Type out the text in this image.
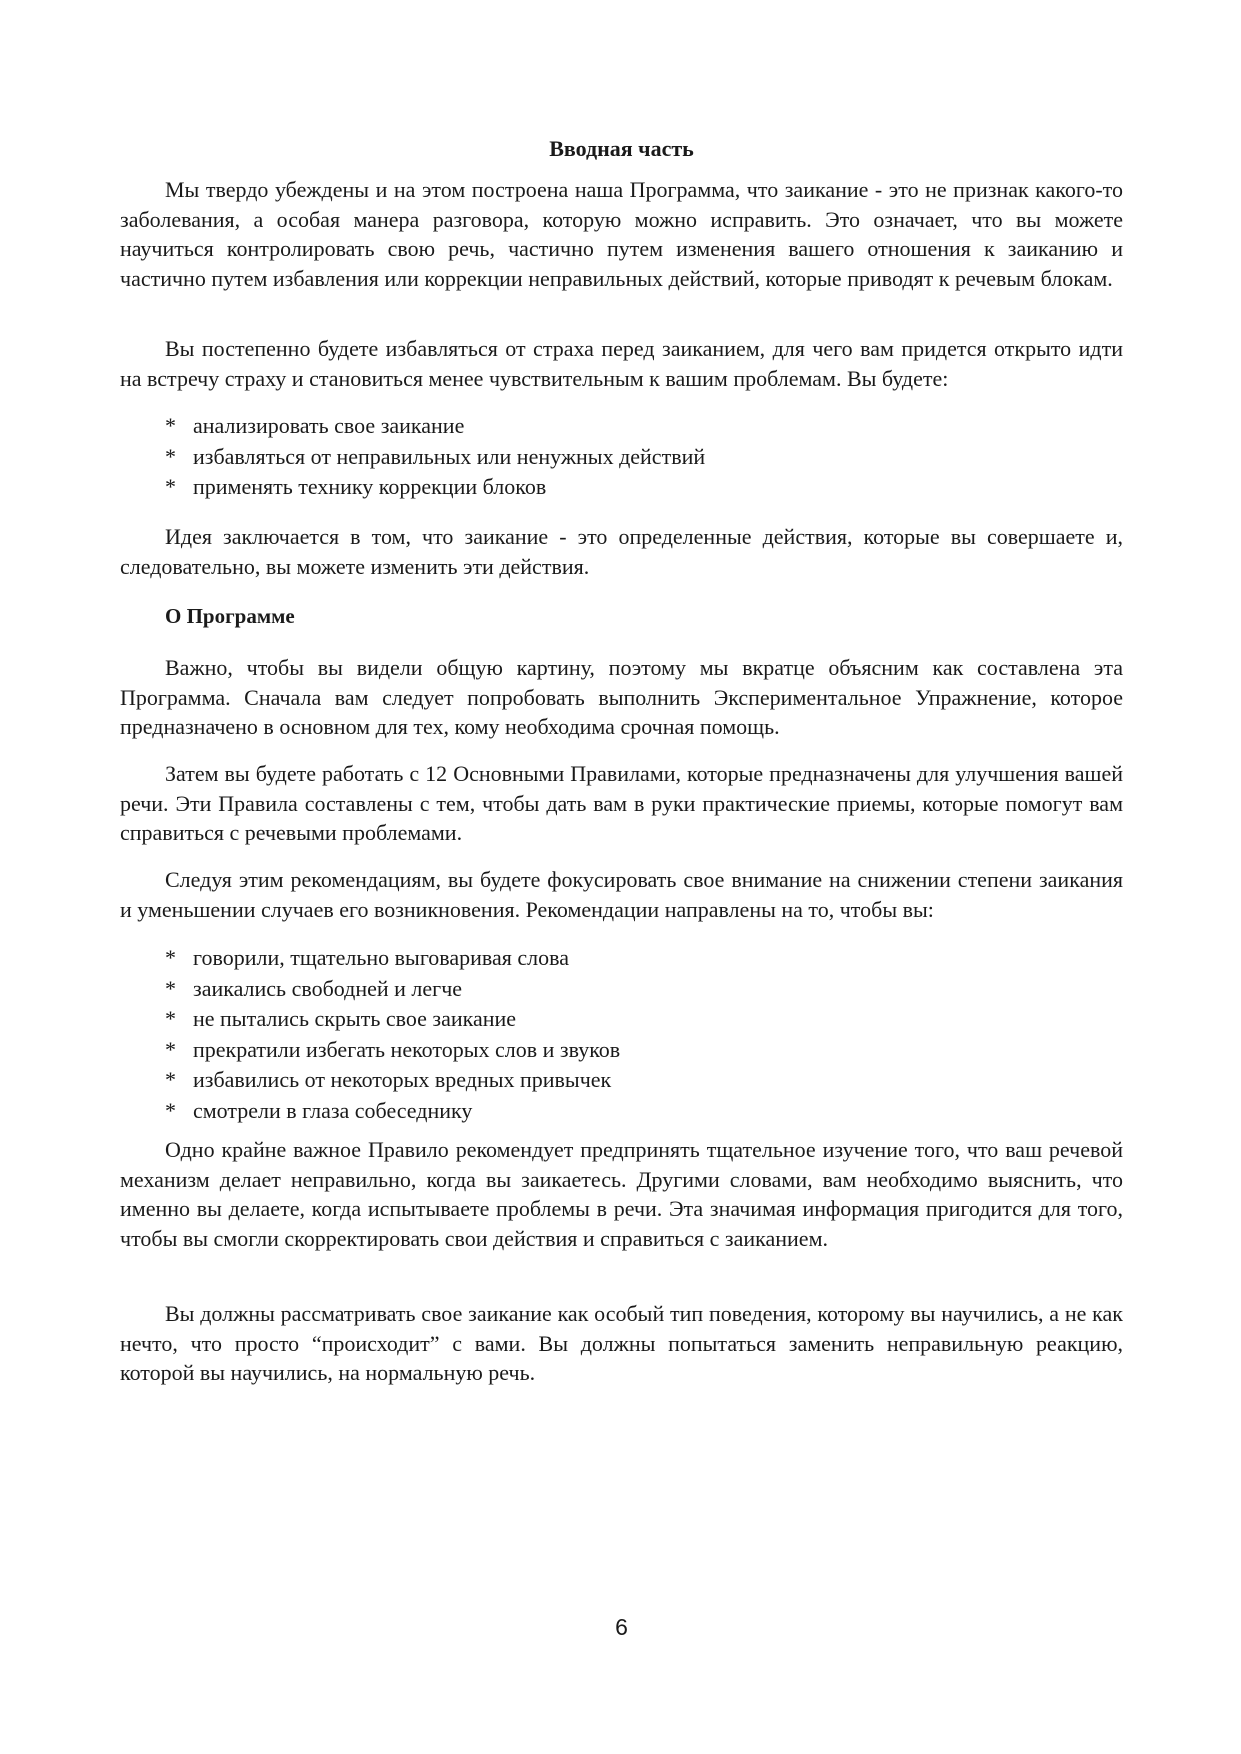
Вводная часть

Мы твердо убеждены и на этом построена наша Программа, что заикание - это не признак какого-то заболевания, а особая манера разговора, которую можно исправить. Это означает, что вы можете научиться контролировать свою речь, частично путем изменения вашего отношения к заиканию и частично путем избавления или коррекции неправильных действий, которые приводят к речевым блокам.

Вы постепенно будете избавляться от страха перед заиканием, для чего вам придется открыто идти на встречу страху и становиться менее чувствительным к вашим проблемам. Вы будете:

* анализировать свое заикание
* избавляться от неправильных или ненужных действий
* применять технику коррекции блоков

Идея заключается в том, что заикание - это определенные действия, которые вы совершаете и, следовательно, вы можете изменить эти действия.

О Программе

Важно, чтобы вы видели общую картину, поэтому мы вкратце объясним как составлена эта Программа. Сначала вам следует попробовать выполнить Экспериментальное Упражнение, которое предназначено в основном для тех, кому необходима срочная помощь.

Затем вы будете работать с 12 Основными Правилами, которые предназначены для улучшения вашей речи. Эти Правила составлены с тем, чтобы дать вам в руки практические приемы, которые помогут вам справиться с речевыми проблемами.

Следуя этим рекомендациям, вы будете фокусировать свое внимание на снижении степени заикания и уменьшении случаев его возникновения. Рекомендации направлены на то, чтобы вы:

* говорили, тщательно выговаривая слова
* заикались свободней и легче
* не пытались скрыть свое заикание
* прекратили избегать некоторых слов и звуков
* избавились от некоторых вредных привычек
* смотрели в глаза собеседнику

Одно крайне важное Правило рекомендует предпринять тщательное изучение того, что ваш речевой механизм делает неправильно, когда вы заикаетесь. Другими словами, вам необходимо выяснить, что именно вы делаете, когда испытываете проблемы в речи. Эта значимая информация пригодится для того, чтобы вы смогли скорректировать свои действия и справиться с заиканием.

Вы должны рассматривать свое заикание как особый тип поведения, которому вы научились, а не как нечто, что просто “происходит” с вами. Вы должны попытаться заменить неправильную реакцию, которой вы научились, на нормальную речь.

6
